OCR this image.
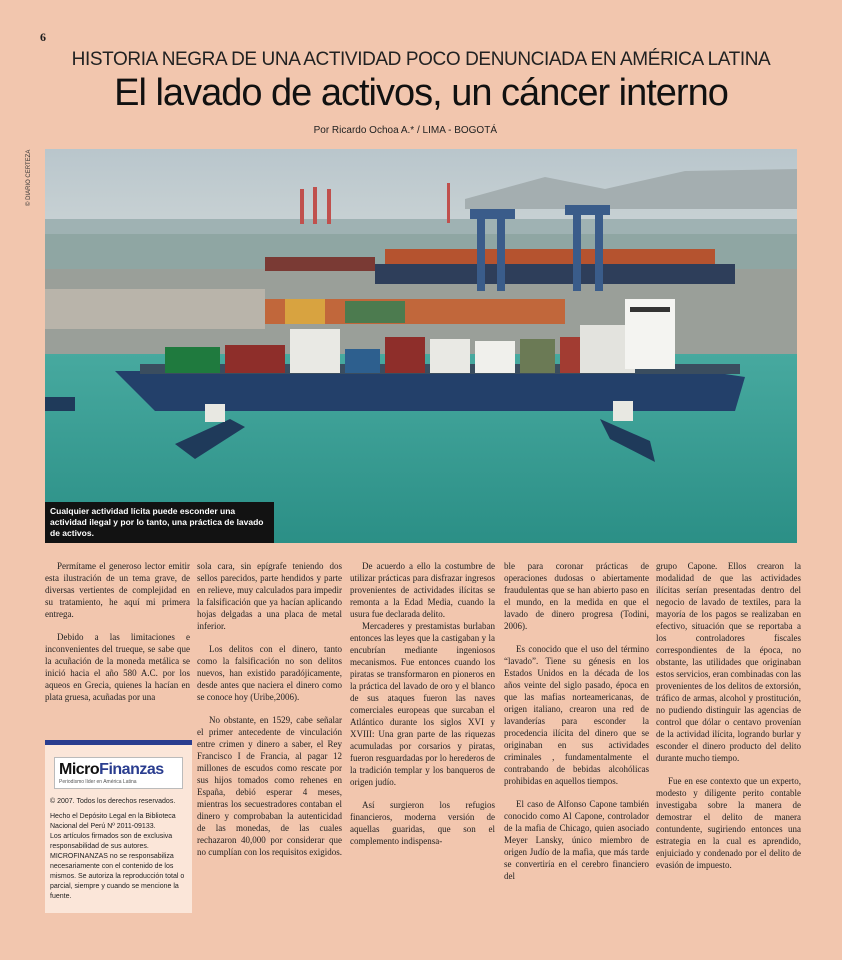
6
HISTORIA NEGRA DE UNA ACTIVIDAD POCO DENUNCIADA EN AMÉRICA LATINA
El lavado de activos, un cáncer interno
Por Ricardo Ochoa A.* / LIMA - BOGOTÁ
© DIARIO CERTEZA
Cualquier actividad lícita puede esconder una actividad ilegal y por lo tanto, una práctica de lavado de activos.

Permítame el generoso lector emitir esta ilustración de un tema grave, de diversas vertientes de complejidad en su tratamiento, he aquí mi primera entrega.

Debido a las limitaciones e inconvenientes del trueque, se sabe que la acuñación de la moneda metálica se inició hacia el año 580 A.C. por los aqueos en Grecia, quienes la hacían en plata gruesa, acuñadas por una

MicroFinanzas
Periodismo líder en América Latina

© 2007. Todos los derechos reservados.

Hecho el Depósito Legal en la Biblioteca Nacional del Perú Nº 2011-09133.

Los artículos firmados son de exclusiva responsabilidad de sus autores.

MICROFINANZAS no se responsabiliza necesariamente con el contenido de los mismos. Se autoriza la reproducción total o parcial, siempre y cuando se mencione la fuente.

sola cara, sin epígrafe teniendo dos sellos parecidos, parte hendidos y parte en relieve, muy calculados para impedir la falsificación que ya hacían aplicando hojas delgadas a una placa de metal inferior.

Los delitos con el dinero, tanto como la falsificación no son delitos nuevos, han existido paradójicamente, desde antes que naciera el dinero como se conoce hoy (Uribe,2006).

No obstante, en 1529, cabe señalar el primer antecedente de vinculación entre crimen y dinero a saber, el Rey Francisco I de Francia, al pagar 12 millones de escudos como rescate por sus hijos tomados como rehenes en España, debió esperar 4 meses, mientras los secuestradores contaban el dinero y comprobaban la autenticidad de las monedas, de las cuales rechazaron 40,000 por considerar que no cumplían con los requisitos exigidos.

De acuerdo a ello la costumbre de utilizar prácticas para disfrazar ingresos provenientes de actividades ilícitas se remonta a la Edad Media, cuando la usura fue declarada delito.

Mercaderes y prestamistas burlaban entonces las leyes que la castigaban y la encubrían mediante ingeniosos mecanismos. Fue entonces cuando los piratas se transformaron en pioneros en la práctica del lavado de oro y el blanco de sus ataques fueron las naves comerciales europeas que surcaban el Atlántico durante los siglos XVI y XVIII: Una gran parte de las riquezas acumuladas por corsarios y piratas, fueron resguardadas por lo herederos de la tradición templar y los banqueros de origen judío.

Así surgieron los refugios financieros, moderna versión de aquellas guaridas, que son el complemento indispensa-

ble para coronar prácticas de operaciones dudosas o abiertamente fraudulentas que se han abierto paso en el mundo, en la medida en que el lavado de dinero progresa (Todini, 2006).

Es conocido que el uso del término “lavado”. Tiene su génesis en los Estados Unidos en la década de los años veinte del siglo pasado, época en que las mafias norteamericanas, de origen italiano, crearon una red de lavanderías para esconder la procedencia ilícita del dinero que se originaban en sus actividades criminales , fundamentalmente el contrabando de bebidas alcohólicas prohibidas en aquellos tiempos.

El caso de Alfonso Capone también conocido como Al Capone, controlador de la mafia de Chicago, quien asociado Meyer Lansky, único miembro de origen Judío de la mafia, que más tarde se convertiría en el cerebro financiero del

grupo Capone. Ellos crearon la modalidad de que las actividades ilícitas serían presentadas dentro del negocio de lavado de textiles, para la mayoría de los pagos se realizaban en efectivo, situación que se reportaba a los controladores fiscales correspondientes de la época, no obstante, las utilidades que originaban estos servicios, eran combinadas con las provenientes de los delitos de extorsión, tráfico de armas, alcohol y prostitución, no pudiendo distinguir las agencias de control que dólar o centavo provenían de la actividad ilícita, logrando burlar y esconder el dinero producto del delito durante mucho tiempo.

Fue en ese contexto que un experto, modesto y diligente perito contable investigaba sobre la manera de demostrar el delito de manera contundente, sugiriendo entonces una estrategia en la cual es aprendido, enjuiciado y condenado por el delito de evasión de impuesto.
